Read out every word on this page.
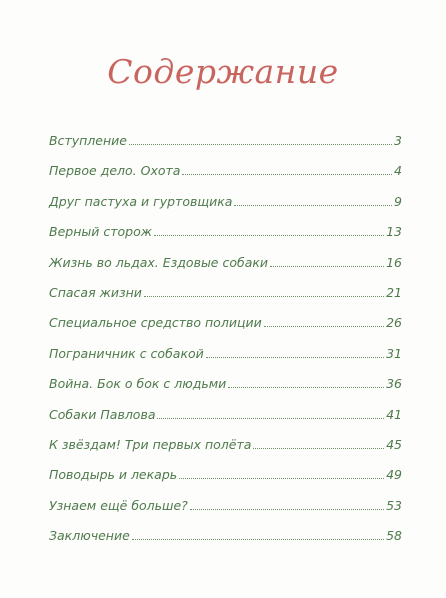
Содержание
Вступление	3
Первое дело. Охота	4
Друг пастуха и гуртовщика	9
Верный сторож	13
Жизнь во льдах. Ездовые собаки	16
Спасая жизни	21
Специальное средство полиции	26
Пограничник с собакой	31
Война. Бок о бок с людьми	36
Собаки Павлова	41
К звёздам! Три первых полёта	45
Поводырь и лекарь	49
Узнаем ещё больше?	53
Заключение	58
